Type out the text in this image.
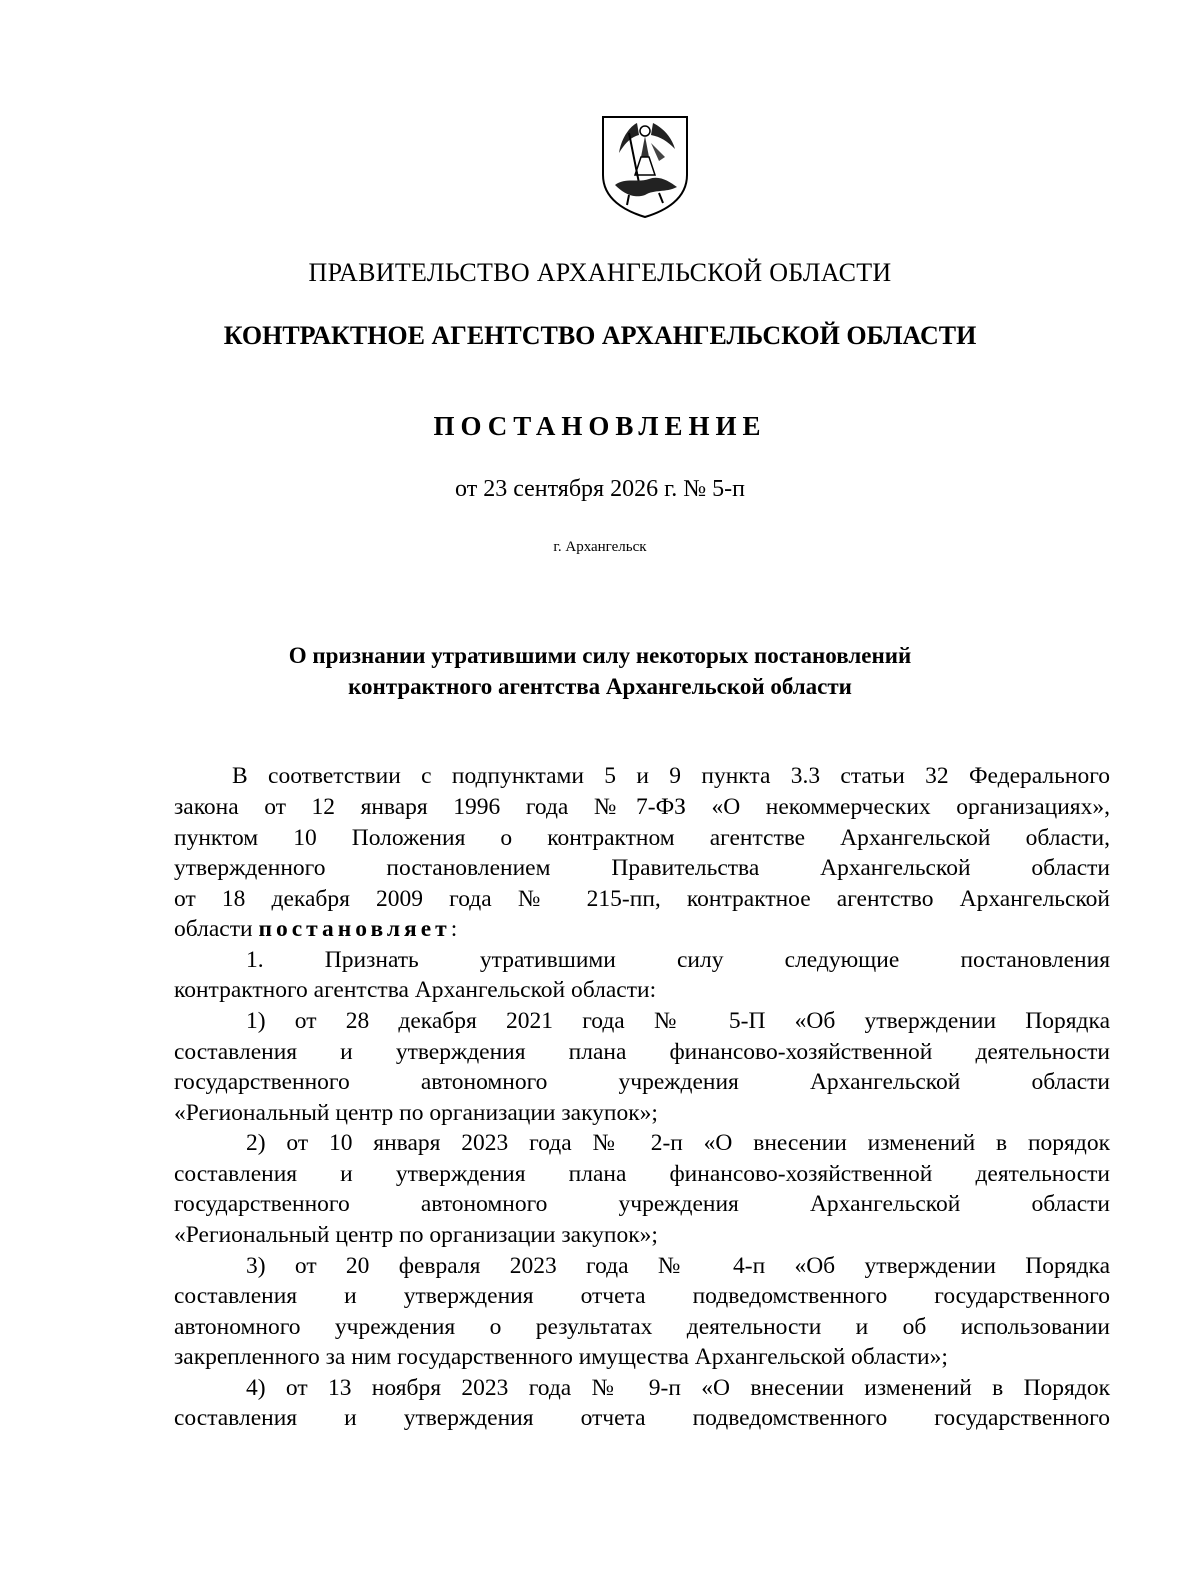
ПРАВИТЕЛЬСТВО АРХАНГЕЛЬСКОЙ ОБЛАСТИ
КОНТРАКТНОЕ АГЕНТСТВО АРХАНГЕЛЬСКОЙ ОБЛАСТИ
ПОСТАНОВЛЕНИЕ
от 23 сентября 2026 г. № 5-п
г. Архангельск
О признании утратившими силу некоторых постановлений
контрактного агентства Архангельской области
В соответствии с подпунктами 5 и 9 пункта 3.3 статьи 32 Федерального
закона от 12 января 1996 года №7-ФЗ «О некоммерческих организациях»,
пунктом 10 Положения о контрактном агентстве Архангельской области,
утвержденного постановлением Правительства Архангельской области
от 18 декабря 2009 года № 215-пп, контрактное агентство Архангельской
области постановляет:
1. Признать утратившими силу следующие постановления
контрактного агентства Архангельской области:
1) от 28 декабря 2021 года № 5-П «Об утверждении Порядка
составления и утверждения плана финансово-хозяйственной деятельности
государственного автономного учреждения Архангельской области
«Региональный центр по организации закупок»;
2) от 10 января 2023 года № 2-п «О внесении изменений в порядок
составления и утверждения плана финансово-хозяйственной деятельности
государственного автономного учреждения Архангельской области
«Региональный центр по организации закупок»;
3) от 20 февраля 2023 года № 4-п «Об утверждении Порядка
составления и утверждения отчета подведомственного государственного
автономного учреждения о результатах деятельности и об использовании
закрепленного за ним государственного имущества Архангельской области»;
4) от 13 ноября 2023 года № 9-п «О внесении изменений в Порядок
составления и утверждения отчета подведомственного государственного
